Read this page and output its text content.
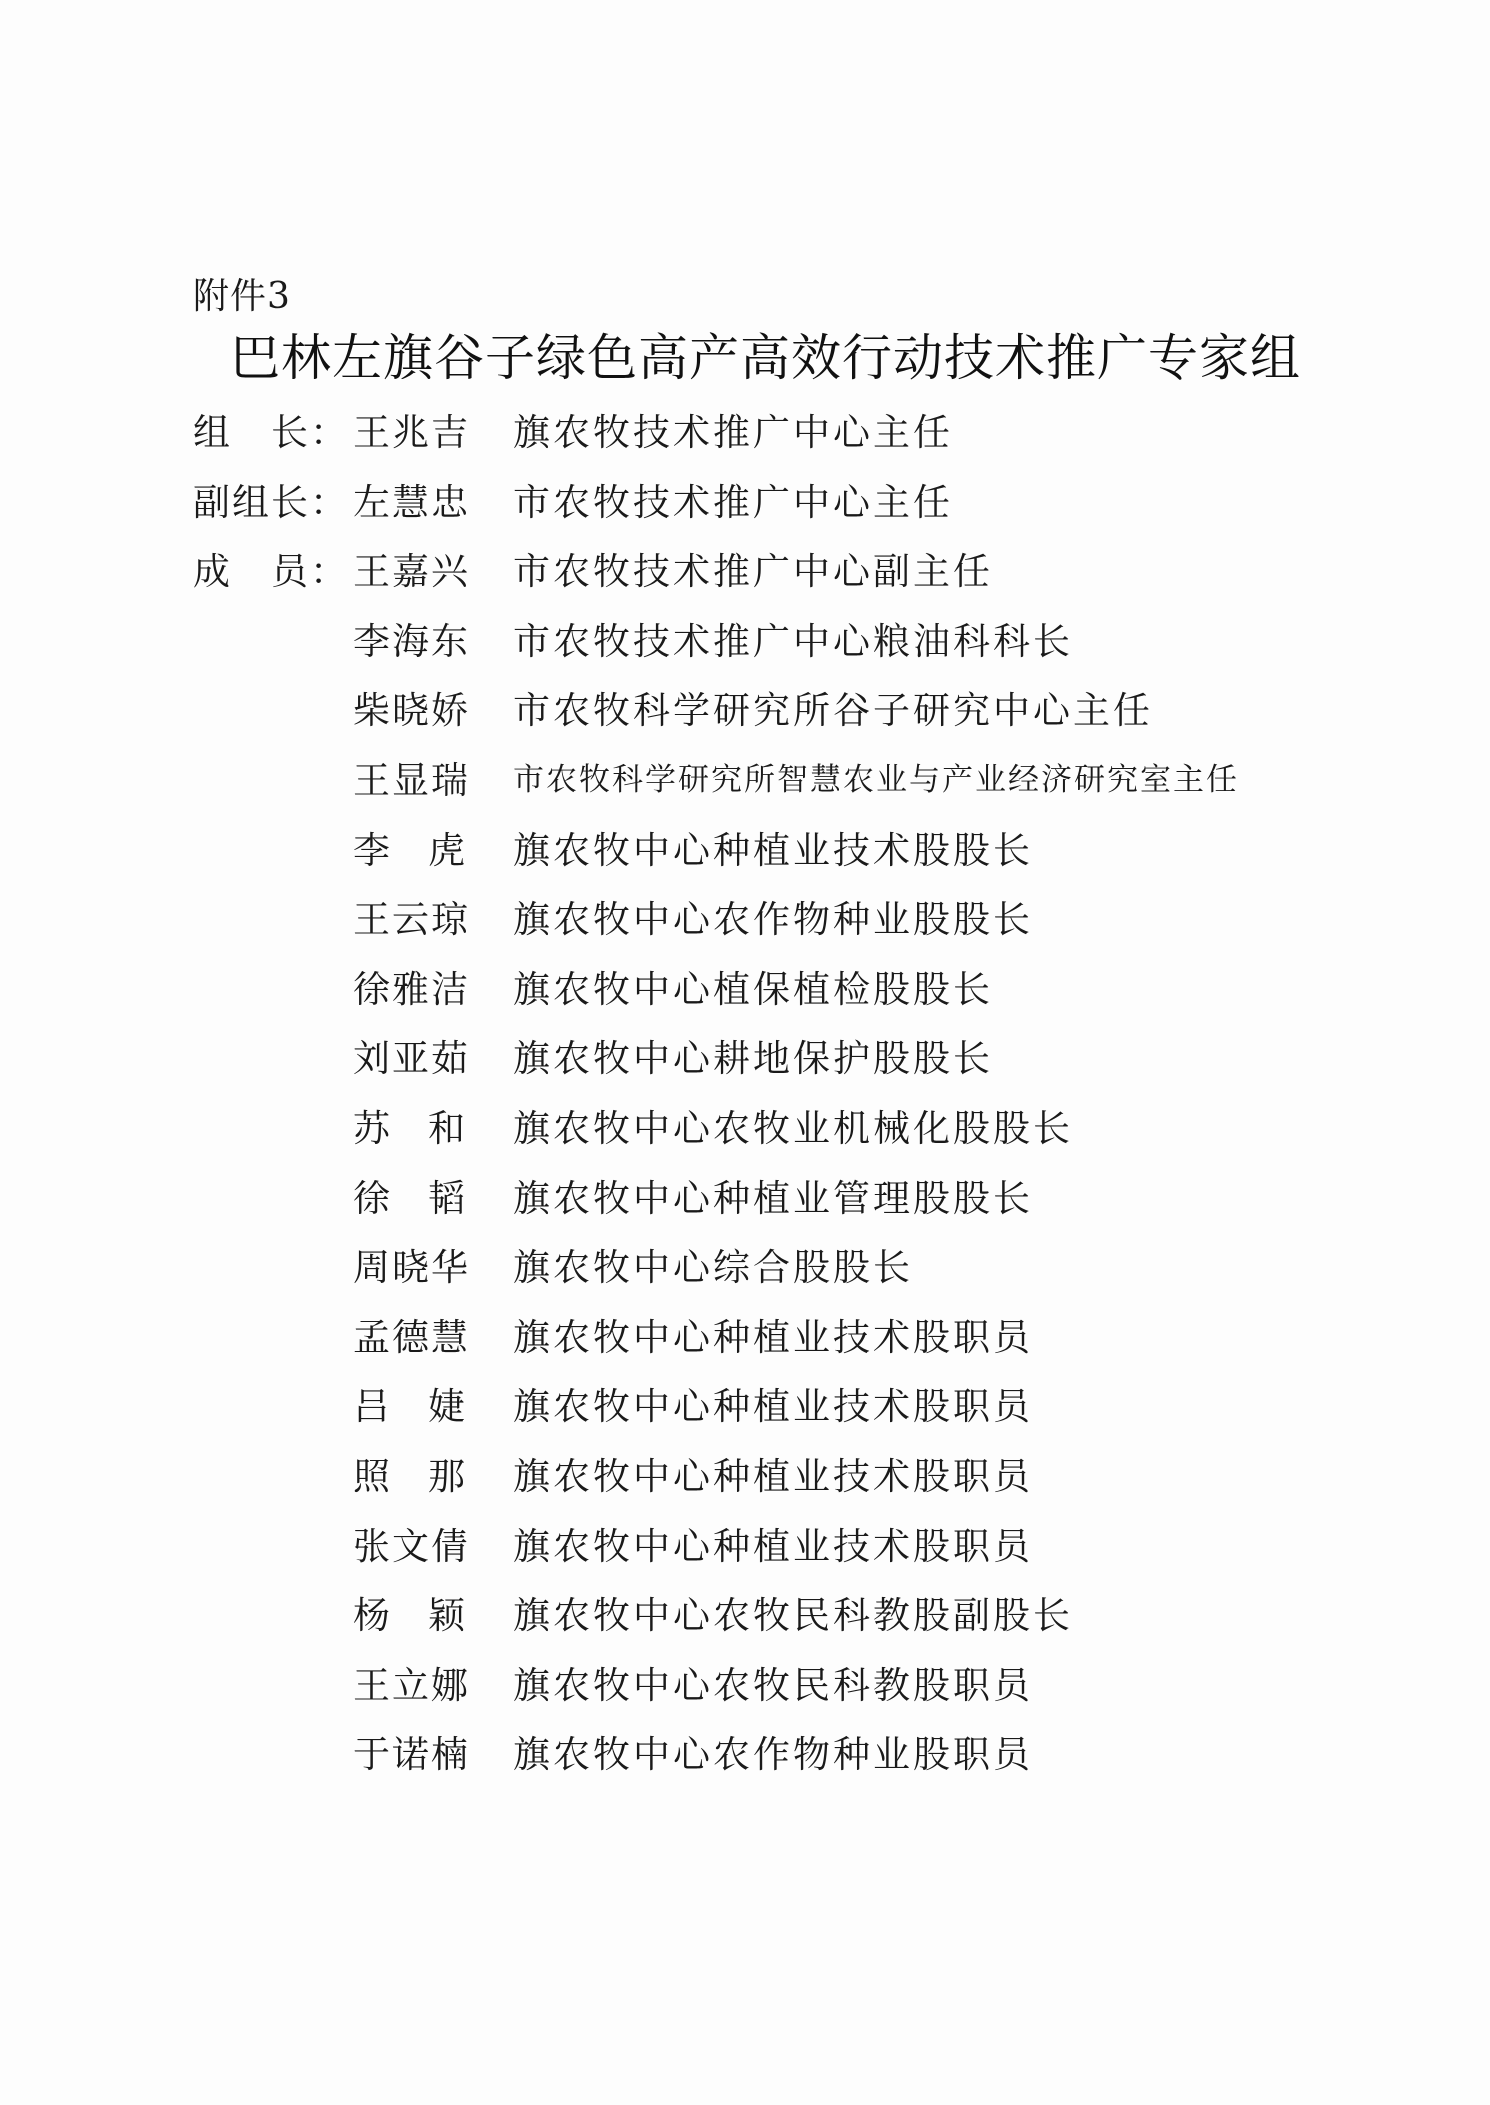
附件3
巴林左旗谷子绿色高产高效行动技术推广专家组
组　长： 王兆吉	旗农牧技术推广中心主任
副组长： 左慧忠	市农牧技术推广中心主任
成　员： 王嘉兴	市农牧技术推广中心副主任
李海东	市农牧技术推广中心粮油科科长
柴晓娇	市农牧科学研究所谷子研究中心主任
王显瑞	市农牧科学研究所智慧农业与产业经济研究室主任
李虎 旗农牧中心种植业技术股股长
王云琼	旗农牧中心农作物种业股股长
徐雅洁	旗农牧中心植保植检股股长
刘亚茹	旗农牧中心耕地保护股股长
苏和 旗农牧中心农牧业机械化股股长
徐韬 旗农牧中心种植业管理股股长
周晓华	旗农牧中心综合股股长
孟德慧	旗农牧中心种植业技术股职员
吕婕 旗农牧中心种植业技术股职员
照那 旗农牧中心种植业技术股职员
张文倩	旗农牧中心种植业技术股职员
杨颖 旗农牧中心农牧民科教股副股长
王立娜	旗农牧中心农牧民科教股职员
于诺楠	旗农牧中心农作物种业股职员
